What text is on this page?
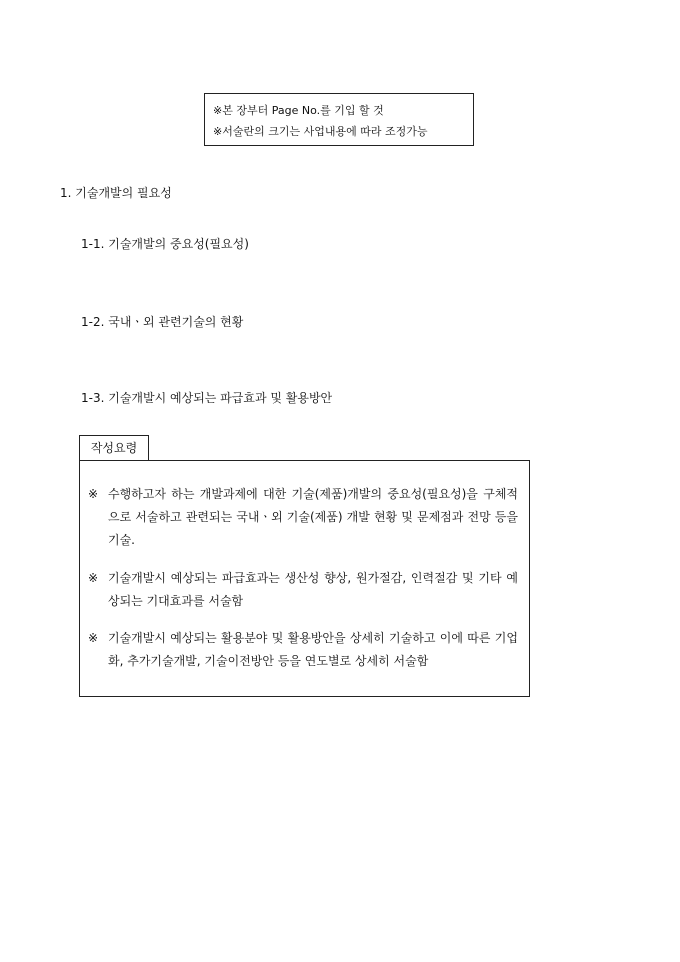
※본 장부터 Page No.를 기입 할 것
※서술란의 크기는 사업내용에 따라 조정가능
1. 기술개발의 필요성
1-1. 기술개발의 중요성(필요성)
1-2. 국내ㆍ외 관련기술의 현황
1-3. 기술개발시 예상되는 파급효과 및 활용방안
작성요령
※ 수행하고자 하는 개발과제에 대한 기술(제품)개발의 중요성(필요성)을 구체적으로 서술하고 관련되는 국내ㆍ외 기술(제품) 개발 현황 및 문제점과 전망 등을 기술.
※ 기술개발시 예상되는 파급효과는 생산성 향상, 원가절감, 인력절감 및 기타 예상되는 기대효과를 서술함
※ 기술개발시 예상되는 활용분야 및 활용방안을 상세히 기술하고 이에 따른 기업화, 추가기술개발, 기술이전방안 등을 연도별로 상세히 서술함
